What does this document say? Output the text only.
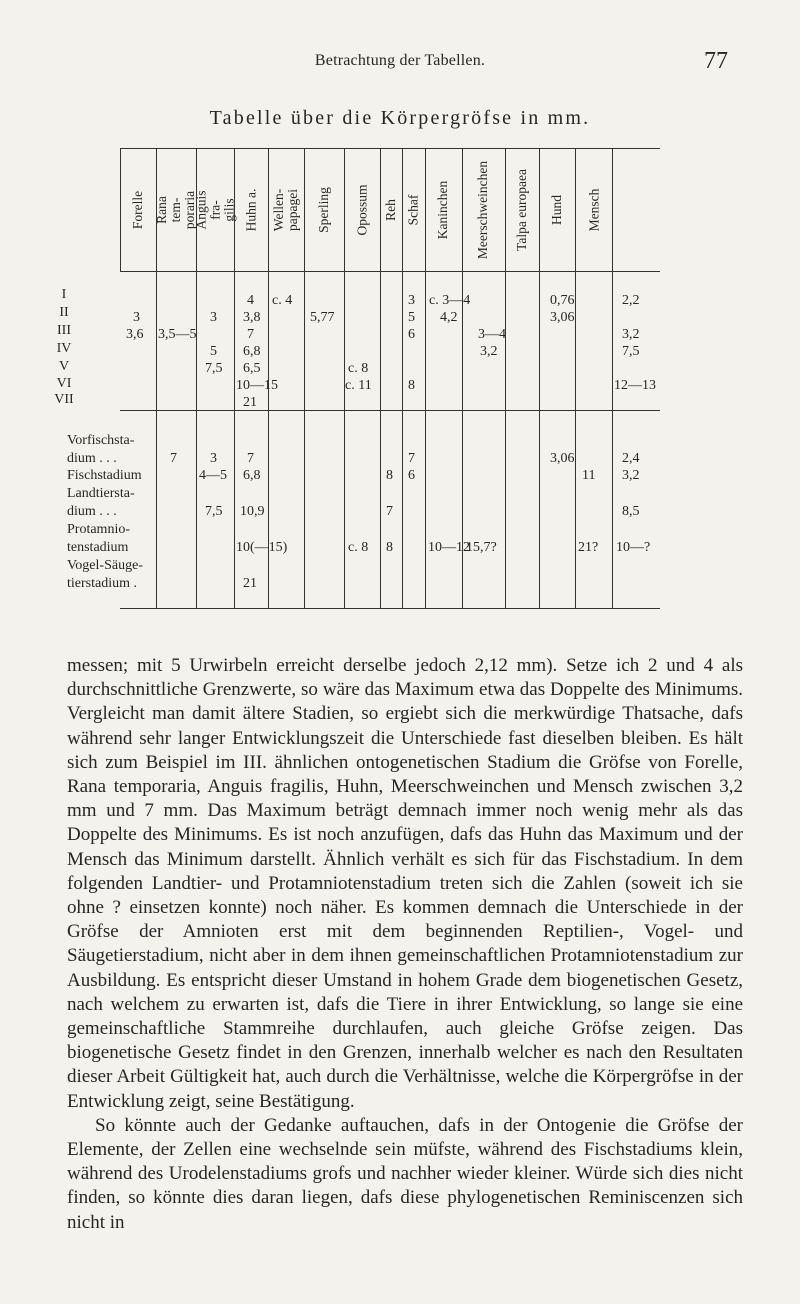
Betrachtung der Tabellen.	77
Tabelle über die Körpergröfse in mm.
Forelle Rana tem-
poraria
Anguis fra-
gilis Huhn a. Wellen-
papagei Sperling Opossum Reh Schaf Kaninchen Meerschweinchen Talpa europaea Hund Mensch
I
II
III
IV
V
VI
VII
3
3,6 3,5—5
3
5
7,5
4
3,8
7
6,8
6,5
10—15
21
c. 4
5,77
c. 8
c. 11
3
5
6
8
c. 3—4
4,2
3—4
3,2
0,76
3,06
2,2
3,2
7,5
12—13
Vorfischsta-
dium . . .
Fischstadium
Landtiersta-
dium . . .
Protamnio-
tenstadium
Vogel-Säuge-
tierstadium .
7 3
4—5
7,5
7
6,8
10,9
10(—15)
21
c. 8
8
7
8
7
6
10—12
15,7?
3,06
11
21?
2,4
3,2
8,5
10—?

messen; mit 5 Urwirbeln erreicht derselbe jedoch 2,12 mm). Setze ich 2 und 4 als durchschnittliche Grenzwerte, so wäre das Maximum etwa das Doppelte des Minimums. Vergleicht man damit ältere Stadien, so ergiebt sich die merkwürdige Thatsache, dafs während sehr langer Entwicklungszeit die Unterschiede fast dieselben bleiben. Es hält sich zum Beispiel im III. ähnlichen ontogenetischen Stadium die Gröfse von Forelle, Rana temporaria, Anguis fragilis, Huhn, Meerschweinchen und Mensch zwischen 3,2 mm und 7 mm. Das Maximum beträgt demnach immer noch wenig mehr als das Doppelte des Minimums. Es ist noch anzufügen, dafs das Huhn das Maximum und der Mensch das Minimum darstellt. Ähnlich verhält es sich für das Fischstadium. In dem folgenden Landtier- und Protamniotenstadium treten sich die Zahlen (soweit ich sie ohne ? einsetzen konnte) noch näher. Es kommen demnach die Unterschiede in der Gröfse der Amnioten erst mit dem beginnenden Reptilien-, Vogel- und Säugetierstadium, nicht aber in dem ihnen gemeinschaftlichen Protamniotenstadium zur Ausbildung. Es entspricht dieser Umstand in hohem Grade dem biogenetischen Gesetz, nach welchem zu erwarten ist, dafs die Tiere in ihrer Entwicklung, so lange sie eine gemeinschaftliche Stammreihe durchlaufen, auch gleiche Gröfse zeigen. Das biogenetische Gesetz findet in den Grenzen, innerhalb welcher es nach den Resultaten dieser Arbeit Gültigkeit hat, auch durch die Verhältnisse, welche die Körpergröfse in der Entwicklung zeigt, seine Bestätigung.

So könnte auch der Gedanke auftauchen, dafs in der Ontogenie die Gröfse der Elemente, der Zellen eine wechselnde sein müfste, während des Fischstadiums klein, während des Urodelenstadiums grofs und nachher wieder kleiner. Würde sich dies nicht finden, so könnte dies daran liegen, dafs diese phylogenetischen Reminiscenzen sich nicht in
